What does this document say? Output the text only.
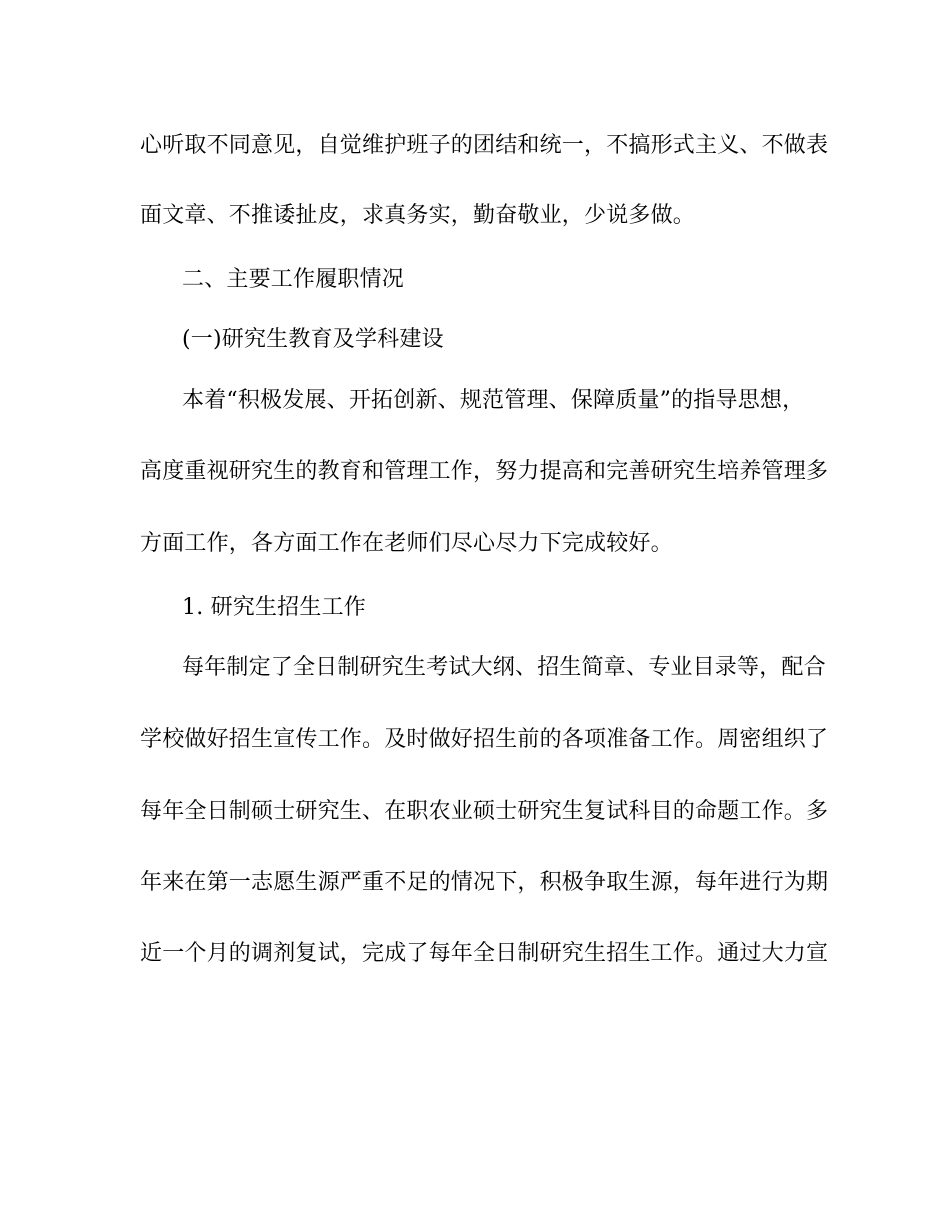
心听取不同意见，自觉维护班子的团结和统一，不搞形式主义、不做表
面文章、不推诿扯皮，求真务实，勤奋敬业，少说多做。
二、主要工作履职情况
(一)研究生教育及学科建设
本着“积极发展、开拓创新、规范管理、保障质量”的指导思想，
高度重视研究生的教育和管理工作，努力提高和完善研究生培养管理多
方面工作，各方面工作在老师们尽心尽力下完成较好。
1. 研究生招生工作
每年制定了全日制研究生考试大纲、招生简章、专业目录等，配合
学校做好招生宣传工作。及时做好招生前的各项准备工作。周密组织了
每年全日制硕士研究生、在职农业硕士研究生复试科目的命题工作。多
年来在第一志愿生源严重不足的情况下，积极争取生源，每年进行为期
近一个月的调剂复试，完成了每年全日制研究生招生工作。通过大力宣
